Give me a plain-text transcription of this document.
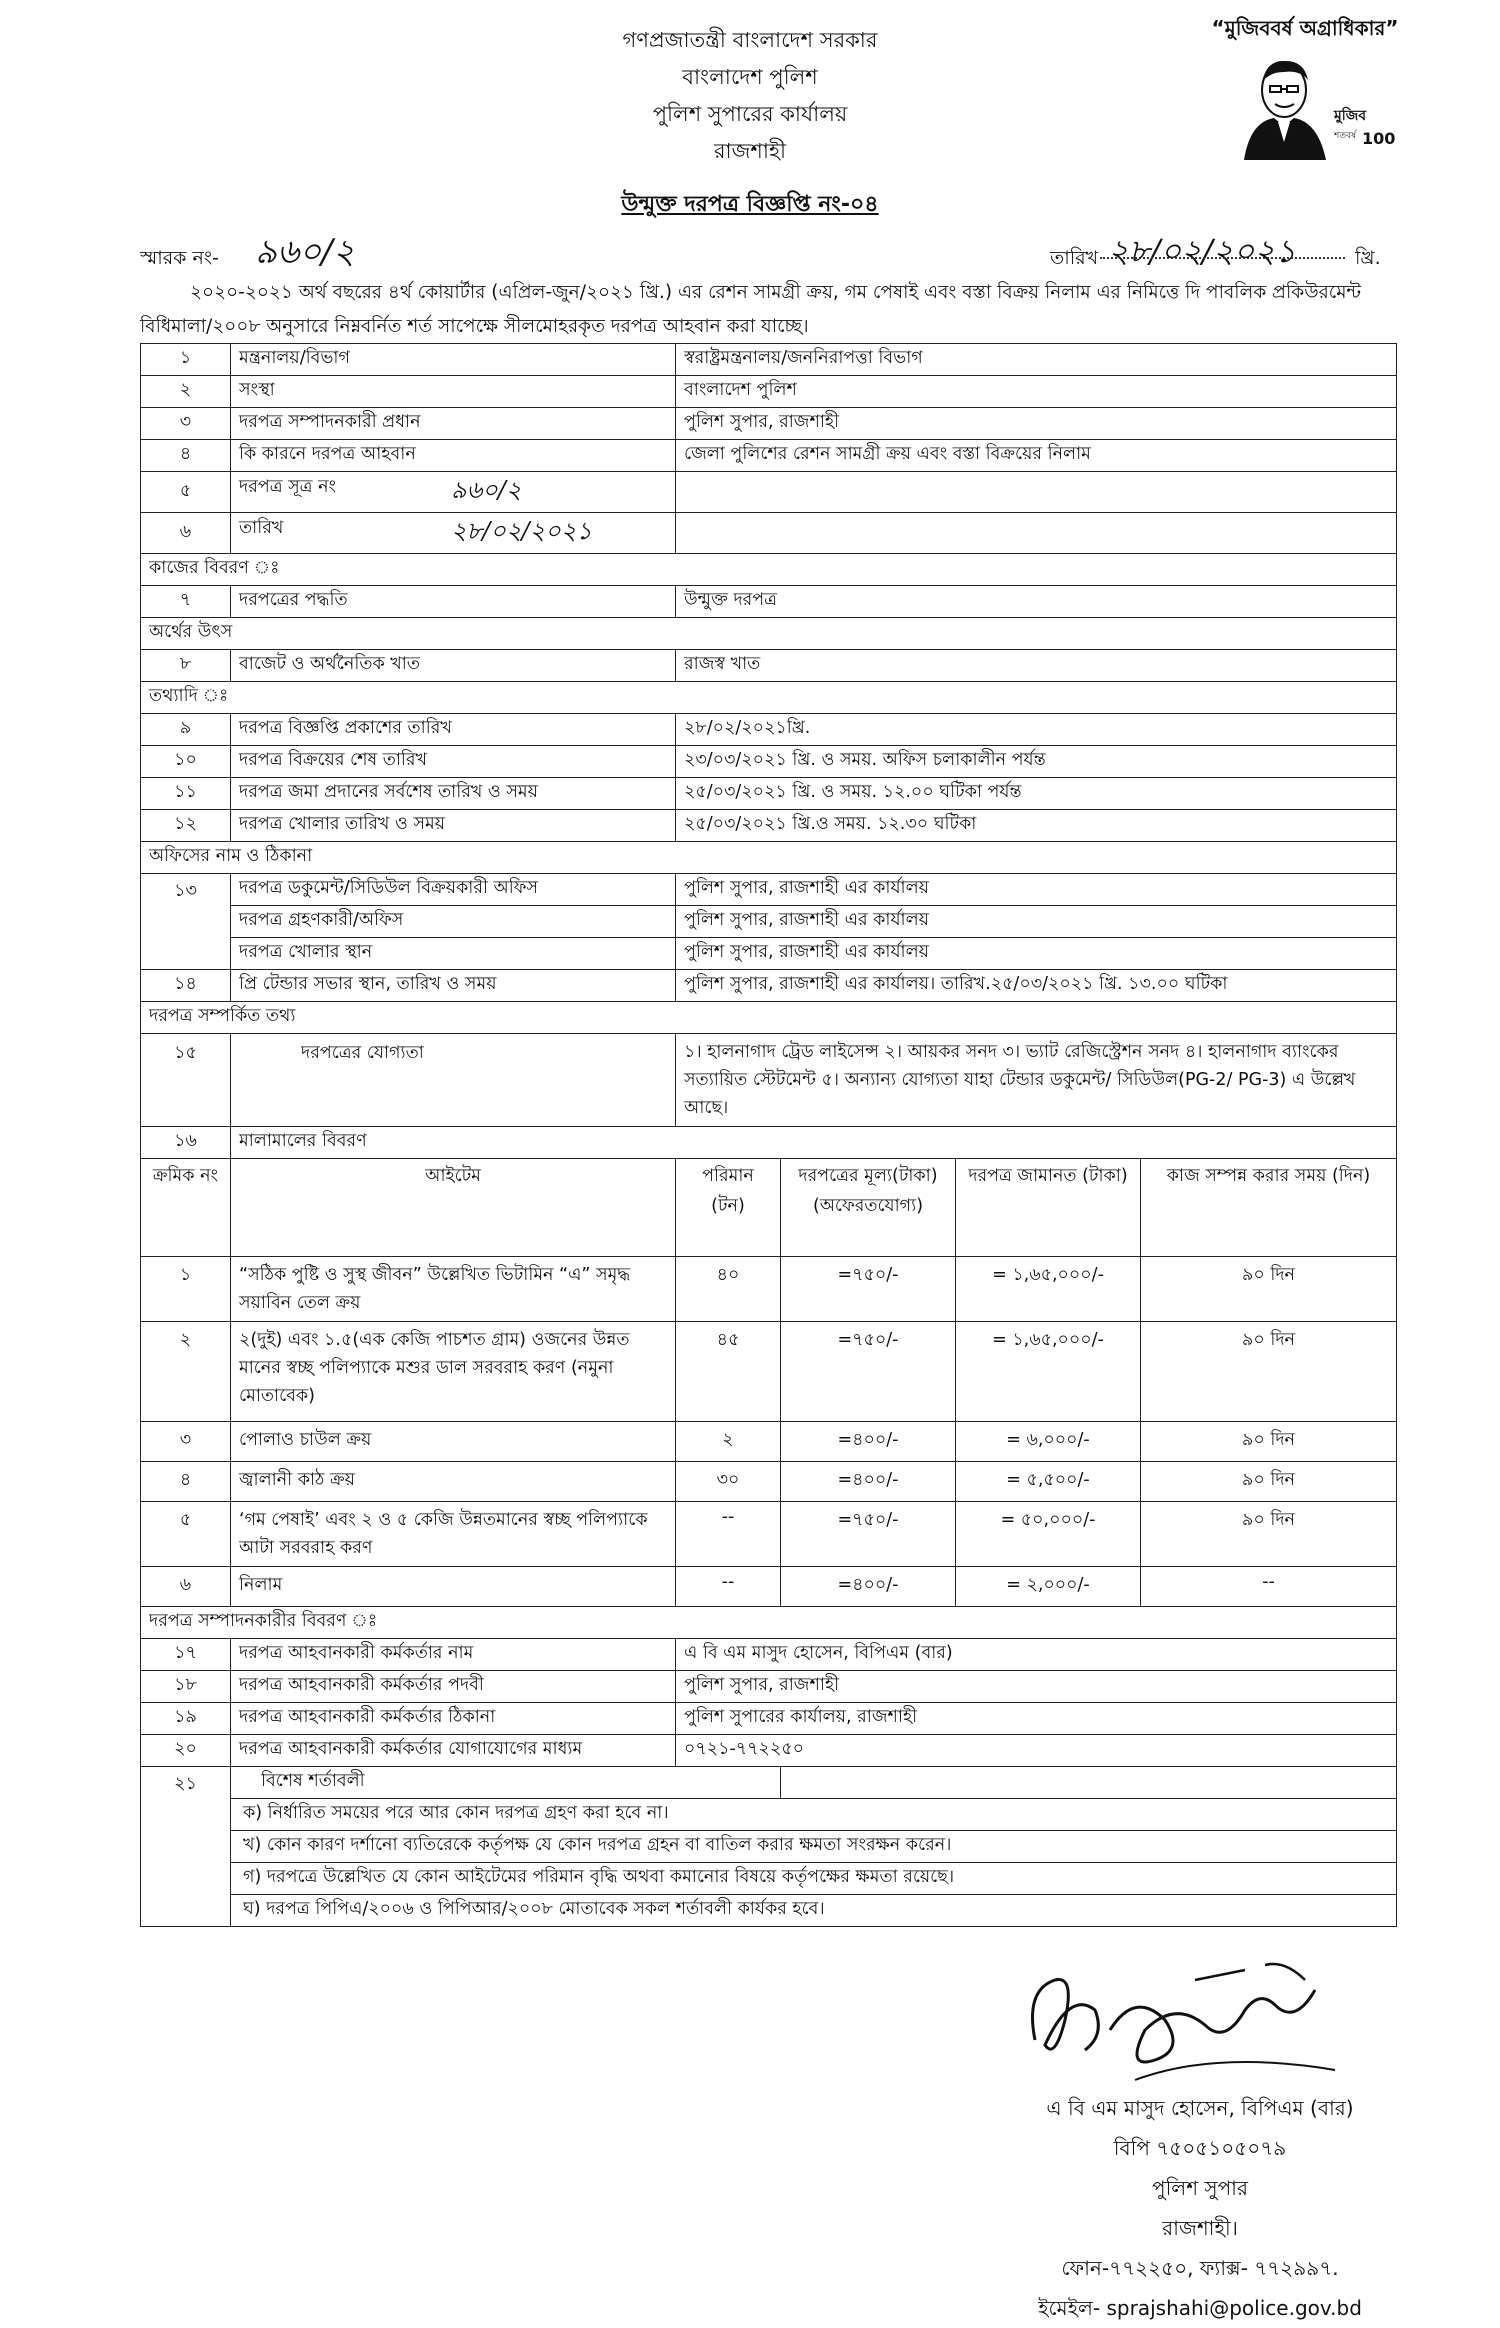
গণপ্রজাতন্ত্রী বাংলাদেশ সরকার
বাংলাদেশ পুলিশ
পুলিশ সুপারের কার্যালয়
রাজশাহী
“মুজিববর্ষ অগ্রাধিকার”
মুজিব
শতবর্ষ 100
উন্মুক্ত দরপত্র বিজ্ঞপ্তি নং-০৪
স্মারক নং- ৯৬০/২	তারিখ ২৮/০২/২০২১	খ্রি.
২০২০-২০২১ অর্থ বছরের ৪র্থ কোয়ার্টার (এপ্রিল-জুন/২০২১ খ্রি.) এর রেশন সামগ্রী ক্রয়, গম পেষাই এবং বস্তা বিক্রয় নিলাম এর নিমিত্তে দি পাবলিক প্রকিউরমেন্ট বিধিমালা/২০০৮ অনুসারে নিম্নবর্নিত শর্ত সাপেক্ষে সীলমোহরকৃত দরপত্র আহবান করা যাচ্ছে।
১	মন্ত্রনালয়/বিভাগ	স্বরাষ্ট্রমন্ত্রনালয়/জননিরাপত্তা বিভাগ			
২	সংস্থা	বাংলাদেশ পুলিশ			
৩	দরপত্র সম্পাদনকারী প্রধান	পুলিশ সুপার, রাজশাহী			
৪	কি কারনে দরপত্র আহবান	জেলা পুলিশের রেশন সামগ্রী ক্রয় এবং বস্তা বিক্রয়ের নিলাম			
৫	দরপত্র সূত্র নং ৯৬০/২				
৬	তারিখ ২৮/০২/২০২১				
কাজের বিবরণ ঃ					
৭	দরপত্রের পদ্ধতি	উন্মুক্ত দরপত্র			
অর্থের উৎস					
৮	বাজেট ও অর্থনৈতিক খাত	রাজস্ব খাত			
তথ্যাদি ঃ					
৯	দরপত্র বিজ্ঞপ্তি প্রকাশের তারিখ	২৮/০২/২০২১খ্রি.			
১০	দরপত্র বিক্রয়ের শেষ তারিখ	২৩/০৩/২০২১ খ্রি. ও সময়. অফিস চলাকালীন পর্যন্ত			
১১	দরপত্র জমা প্রদানের সর্বশেষ তারিখ ও সময়	২৫/০৩/২০২১ খ্রি. ও সময়. ১২.০০ ঘটিকা পর্যন্ত			
১২	দরপত্র খোলার তারিখ ও সময়	২৫/০৩/২০২১ খ্রি.ও সময়. ১২.৩০ ঘটিকা			
অফিসের নাম ও ঠিকানা					
১৩	দরপত্র ডকুমেন্ট/সিডিউল বিক্রয়কারী অফিস	পুলিশ সুপার, রাজশাহী এর কার্যালয়			
	দরপত্র গ্রহণকারী/অফিস	পুলিশ সুপার, রাজশাহী এর কার্যালয়			
	দরপত্র খোলার স্থান	পুলিশ সুপার, রাজশাহী এর কার্যালয়			
১৪	প্রি টেন্ডার সভার স্থান, তারিখ ও সময়	পুলিশ সুপার, রাজশাহী এর কার্যালয়। তারিখ.২৫/০৩/২০২১ খ্রি. ১৩.০০ ঘটিকা			
দরপত্র সম্পর্কিত তথ্য					
১৫	দরপত্রের যোগ্যতা	১। হালনাগাদ ট্রেড লাইসেন্স ২। আয়কর সনদ ৩। ভ্যাট রেজিস্ট্রেশন সনদ ৪। হালনাগাদ ব্যাংকের সত্যায়িত স্টেটমেন্ট ৫। অন্যান্য যোগ্যতা যাহা টেন্ডার ডকুমেন্ট/ সিডিউল(PG-2/ PG-3) এ উল্লেখ আছে।			
১৬	মালামালের বিবরণ				
ক্রমিক নং	আইটেম	পরিমান (টন)	দরপত্রের মূল্য(টাকা) (অফেরতযোগ্য)	দরপত্র জামানত (টাকা)	কাজ সম্পন্ন করার সময় (দিন)
১	“সঠিক পুষ্টি ও সুস্থ জীবন” উল্লেখিত ভিটামিন “এ” সমৃদ্ধ সয়াবিন তেল ক্রয়	৪০	=৭৫০/-	= ১,৬৫,০০০/-	৯০ দিন
২	২(দুই) এবং ১.৫(এক কেজি পাচশত গ্রাম) ওজনের উন্নত মানের স্বচ্ছ পলিপ্যাকে মশুর ডাল সরবরাহ করণ (নমুনা মোতাবেক)	৪৫	=৭৫০/-	= ১,৬৫,০০০/-	৯০ দিন
৩	পোলাও চাউল ক্রয়	২	=৪০০/-	= ৬,০০০/-	৯০ দিন
৪	জ্বালানী কাঠ ক্রয়	৩০	=৪০০/-	= ৫,৫০০/-	৯০ দিন
৫	‘গম পেষাই’ এবং ২ ও ৫ কেজি উন্নতমানের স্বচ্ছ পলিপ্যাকে আটা সরবরাহ করণ	--	=৭৫০/-	= ৫০,০০০/-	৯০ দিন
৬	নিলাম	--	=৪০০/-	= ২,০০০/-	--
দরপত্র সম্পাদনকারীর বিবরণ ঃ					
১৭	দরপত্র আহবানকারী কর্মকর্তার নাম	এ বি এম মাসুদ হোসেন, বিপিএম (বার)			
১৮	দরপত্র আহবানকারী কর্মকর্তার পদবী	পুলিশ সুপার, রাজশাহী			
১৯	দরপত্র আহবানকারী কর্মকর্তার ঠিকানা	পুলিশ সুপারের কার্যালয়, রাজশাহী			
২০	দরপত্র আহবানকারী কর্মকর্তার যোগাযোগের মাধ্যম	০৭২১-৭৭২২৫০			
২১	বিশেষ শর্তাবলী				
	ক) নির্ধারিত সময়ের পরে আর কোন দরপত্র গ্রহণ করা হবে না।				
	খ) কোন কারণ দর্শানো ব্যতিরেকে কর্তৃপক্ষ যে কোন দরপত্র গ্রহন বা বাতিল করার ক্ষমতা সংরক্ষন করেন।				
	গ) দরপত্রে উল্লেখিত যে কোন আইটেমের পরিমান বৃদ্ধি অথবা কমানোর বিষয়ে কর্তৃপক্ষের ক্ষমতা রয়েছে।				
	ঘ) দরপত্র পিপিএ/২০০৬ ও পিপিআর/২০০৮ মোতাবেক সকল শর্তাবলী কার্যকর হবে।				
এ বি এম মাসুদ হোসেন, বিপিএম (বার)
বিপি ৭৫০৫১০৫০৭৯
পুলিশ সুপার
রাজশাহী।
ফোন-৭৭২২৫০, ফ্যাক্স- ৭৭২৯৯৭.
ইমেইল- sprajshahi@police.gov.bd
